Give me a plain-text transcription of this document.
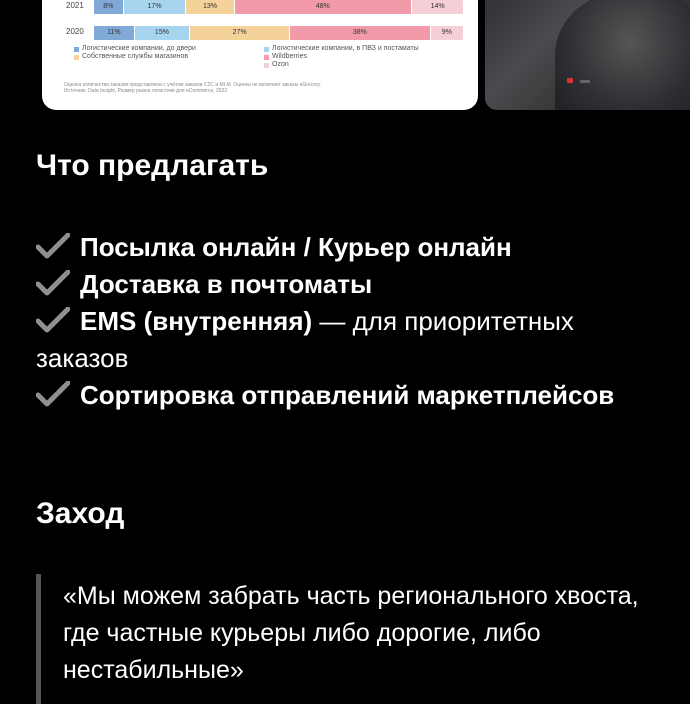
2021	8%	17%	13%	48%	14%
2020	11%	15%	27%	38%	9%
Логистические компании, до двери	Логистические компании, в ПВЗ и постаматы
Собственные службы магазинов	Wildberries
Ozon
Оценка количества заказов представлена с учётом заказов C2C и MLM. Оценка не включает заказы eGrocery.
Источник: Data Insight, Размер рынка логистики для eCommerce, 2022
Что предлагать
Посылка онлайн / Курьер онлайн
Доставка в почтоматы
EMS (внутренняя) — для приоритетных заказов
Сортировка отправлений маркетплейсов
Заход
«Мы можем забрать часть регионального хвоста, где частные курьеры либо дорогие, либо нестабильные»
